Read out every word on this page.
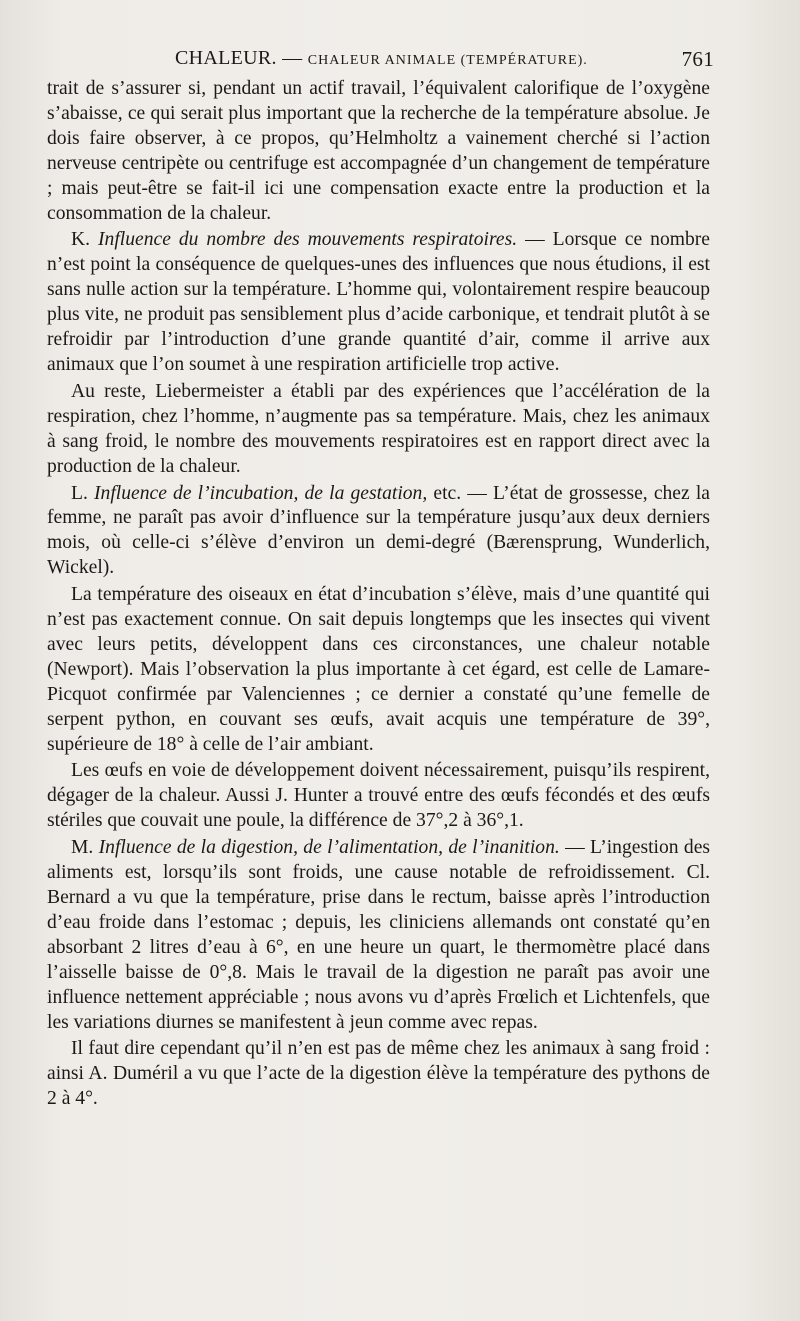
CHALEUR. — CHALEUR ANIMALE (TEMPÉRATURE).	761

trait de s’assurer si, pendant un actif travail, l’équivalent calorifique de l’oxygène s’abaisse, ce qui serait plus important que la recherche de la température absolue. Je dois faire observer, à ce propos, qu’Helmholtz a vainement cherché si l’action nerveuse centripète ou centrifuge est accompagnée d’un changement de température ; mais peut-être se fait-il ici une compensation exacte entre la production et la consommation de la chaleur.

K. Influence du nombre des mouvements respiratoires. — Lorsque ce nombre n’est point la conséquence de quelques-unes des influences que nous étudions, il est sans nulle action sur la température. L’homme qui, volontairement respire beaucoup plus vite, ne produit pas sensiblement plus d’acide carbonique, et tendrait plutôt à se refroidir par l’introduction d’une grande quantité d’air, comme il arrive aux animaux que l’on soumet à une respiration artificielle trop active.

Au reste, Liebermeister a établi par des expériences que l’accélération de la respiration, chez l’homme, n’augmente pas sa température. Mais, chez les animaux à sang froid, le nombre des mouvements respiratoires est en rapport direct avec la production de la chaleur.

L. Influence de l’incubation, de la gestation, etc. — L’état de grossesse, chez la femme, ne paraît pas avoir d’influence sur la température jusqu’aux deux derniers mois, où celle-ci s’élève d’environ un demi-degré (Bærensprung, Wunderlich, Wickel).

La température des oiseaux en état d’incubation s’élève, mais d’une quantité qui n’est pas exactement connue. On sait depuis longtemps que les insectes qui vivent avec leurs petits, développent dans ces circonstances, une chaleur notable (Newport). Mais l’observation la plus importante à cet égard, est celle de Lamare-Picquot confirmée par Valenciennes ; ce dernier a constaté qu’une femelle de serpent python, en couvant ses œufs, avait acquis une température de 39°, supérieure de 18° à celle de l’air ambiant.

Les œufs en voie de développement doivent nécessairement, puisqu’ils respirent, dégager de la chaleur. Aussi J. Hunter a trouvé entre des œufs fécondés et des œufs stériles que couvait une poule, la différence de 37°,2 à 36°,1.

M. Influence de la digestion, de l’alimentation, de l’inanition. — L’ingestion des aliments est, lorsqu’ils sont froids, une cause notable de refroidissement. Cl. Bernard a vu que la température, prise dans le rectum, baisse après l’introduction d’eau froide dans l’estomac ; depuis, les cliniciens allemands ont constaté qu’en absorbant 2 litres d’eau à 6°, en une heure un quart, le thermomètre placé dans l’aisselle baisse de 0°,8. Mais le travail de la digestion ne paraît pas avoir une influence nettement appréciable ; nous avons vu d’après Frœlich et Lichtenfels, que les variations diurnes se manifestent à jeun comme avec repas.

Il faut dire cependant qu’il n’en est pas de même chez les animaux à sang froid : ainsi A. Duméril a vu que l’acte de la digestion élève la température des pythons de 2 à 4°.
